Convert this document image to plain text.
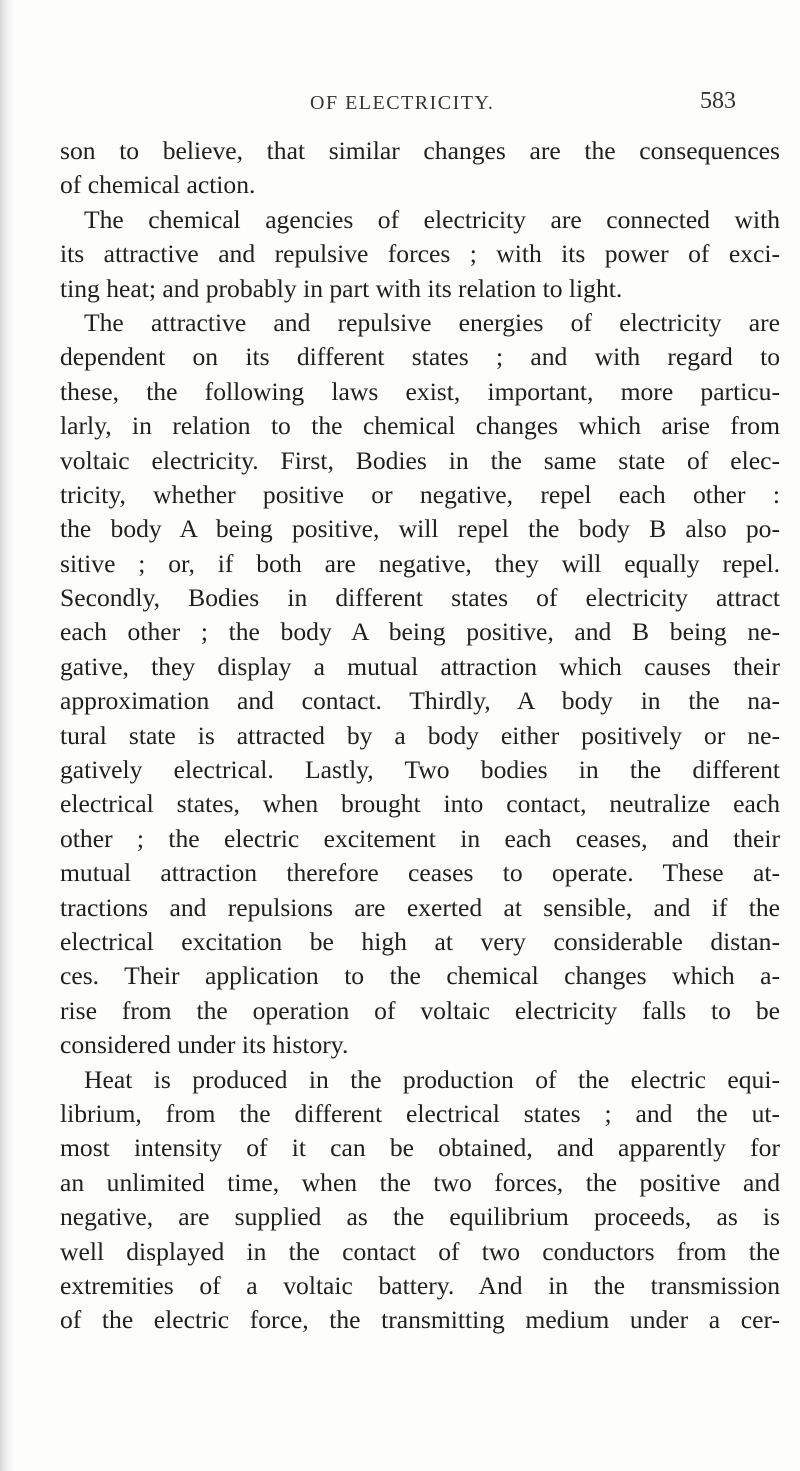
OF ELECTRICITY.	583
son to believe, that similar changes are the consequences
of chemical action.
The chemical agencies of electricity are connected with
its attractive and repulsive forces ; with its power of exci-
ting heat; and probably in part with its relation to light.
The attractive and repulsive energies of electricity are
dependent on its different states ; and with regard to
these, the following laws exist, important, more particu-
larly, in relation to the chemical changes which arise from
voltaic electricity. First, Bodies in the same state of elec-
tricity, whether positive or negative, repel each other :
the body A being positive, will repel the body B also po-
sitive ; or, if both are negative, they will equally repel.
Secondly, Bodies in different states of electricity attract
each other ; the body A being positive, and B being ne-
gative, they display a mutual attraction which causes their
approximation and contact. Thirdly, A body in the na-
tural state is attracted by a body either positively or ne-
gatively electrical. Lastly, Two bodies in the different
electrical states, when brought into contact, neutralize each
other ; the electric excitement in each ceases, and their
mutual attraction therefore ceases to operate. These at-
tractions and repulsions are exerted at sensible, and if the
electrical excitation be high at very considerable distan-
ces. Their application to the chemical changes which a-
rise from the operation of voltaic electricity falls to be
considered under its history.
Heat is produced in the production of the electric equi-
librium, from the different electrical states ; and the ut-
most intensity of it can be obtained, and apparently for
an unlimited time, when the two forces, the positive and
negative, are supplied as the equilibrium proceeds, as is
well displayed in the contact of two conductors from the
extremities of a voltaic battery. And in the transmission
of the electric force, the transmitting medium under a cer-
